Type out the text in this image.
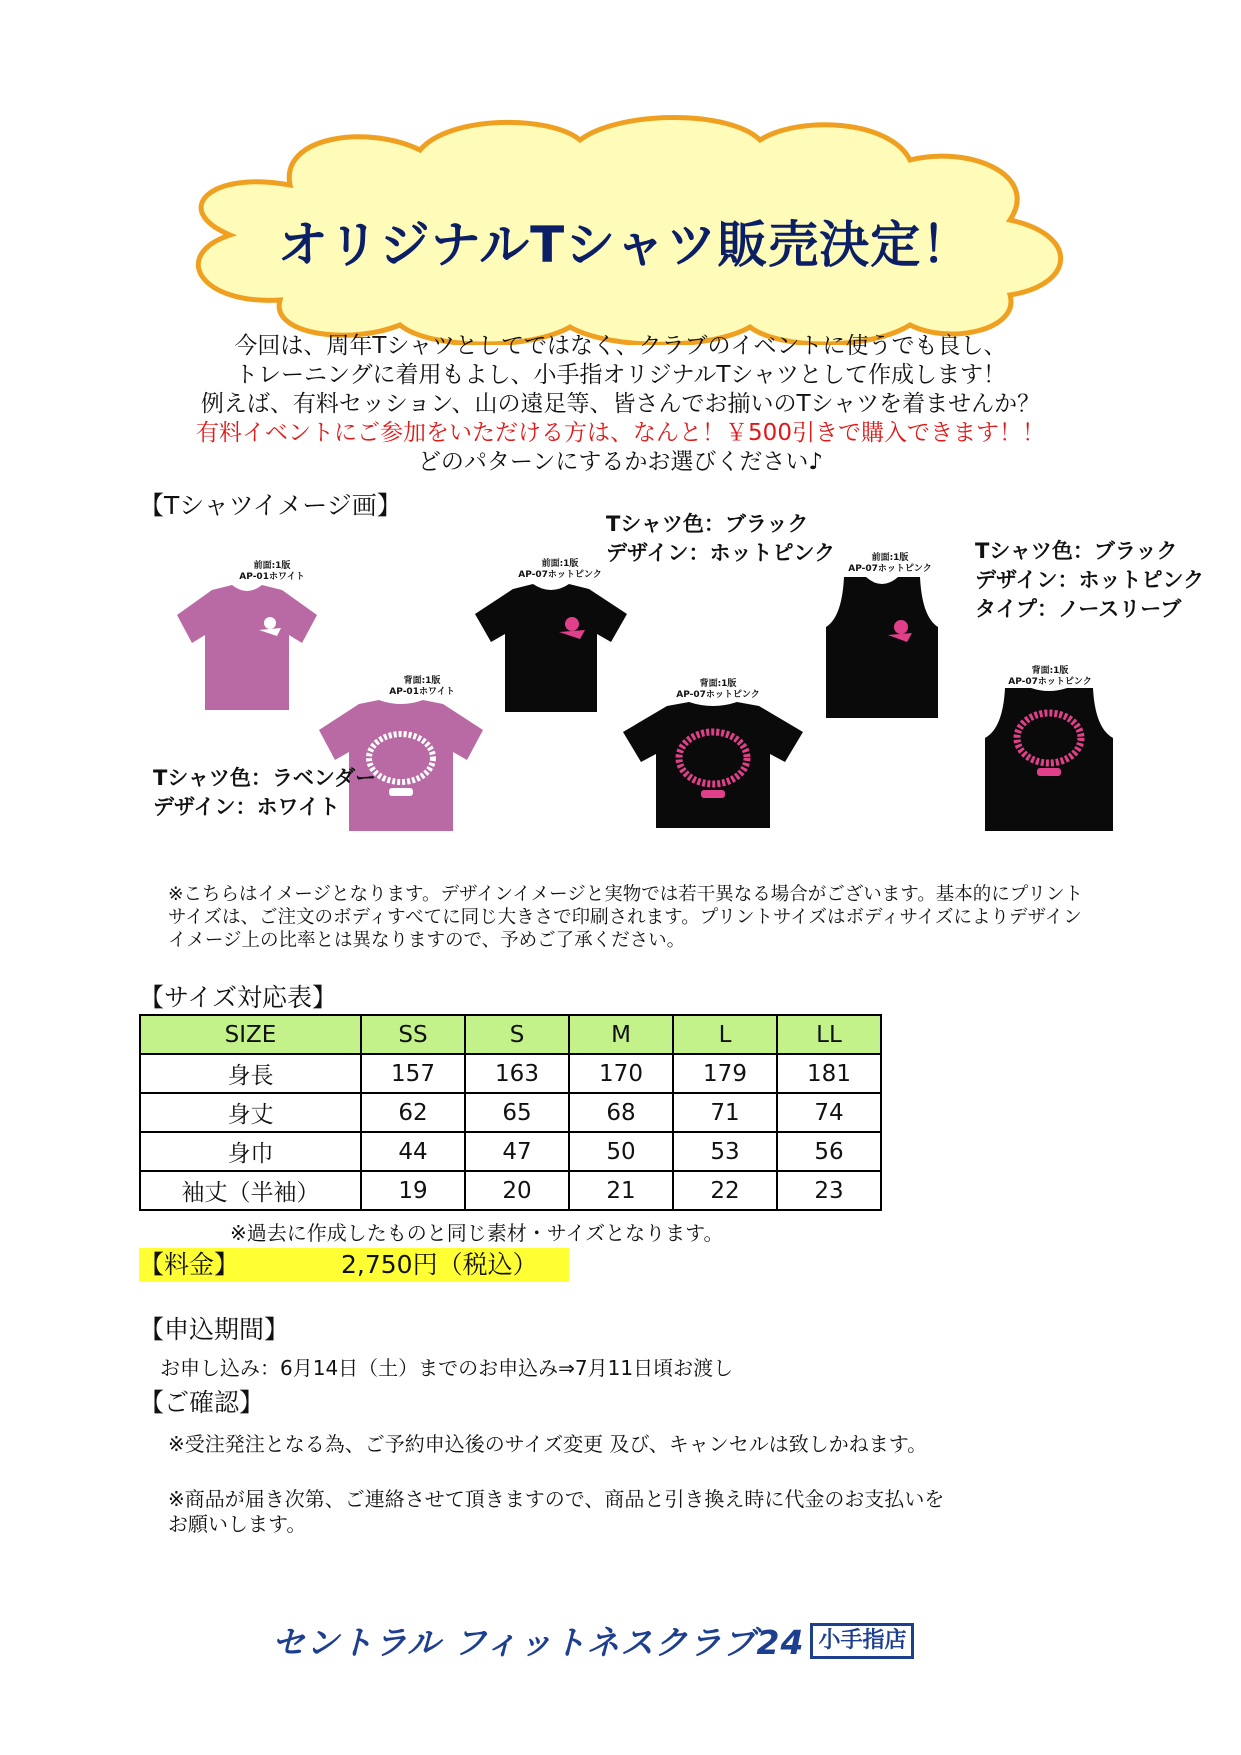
オリジナルTシャツ販売決定！
今回は、周年Tシャツとしてではなく、クラブのイベントに使うでも良し、
トレーニングに着用もよし、小手指オリジナルTシャツとして作成します！
例えば、有料セッション、山の遠足等、皆さんでお揃いのTシャツを着ませんか？
有料イベントにご参加をいただける方は、なんと！￥500引きで購入できます！！
どのパターンにするかお選びください♪
【Tシャツイメージ画】
前面:1版
AP-01ホワイト
背面:1版
AP-01ホワイト
Tシャツ色：ラベンダー
デザイン：ホワイト
Tシャツ色：ブラック
デザイン：ホットピンク
前面:1版
AP-07ホットピンク
背面:1版
AP-07ホットピンク
Tシャツ色：ブラック
デザイン：ホットピンク
タイプ：ノースリーブ
前面:1版
AP-07ホットピンク
背面:1版
AP-07ホットピンク
※こちらはイメージとなります。デザインイメージと実物では若干異なる場合がございます。基本的にプリントサイズは、ご注文のボディすべてに同じ大きさで印刷されます。プリントサイズはボディサイズによりデザインイメージ上の比率とは異なりますので、予めご了承ください。
【サイズ対応表】
SIZE	SS	S	M	L	LL
身長	157	163	170	179	181
身丈	62	65	68	71	74
身巾	44	47	50	53	56
袖丈（半袖）	19	20	21	22	23
※過去に作成したものと同じ素材・サイズとなります。
【料金】	2,750円（税込）
【申込期間】
お申し込み：6月14日（土）までのお申込み⇒7月11日頃お渡し
【ご確認】
※受注発注となる為、ご予約申込後のサイズ変更 及び、キャンセルは致しかねます。
※商品が届き次第、ご連絡させて頂きますので、商品と引き換え時に代金のお支払いを
お願いします。
セントラル フィットネスクラブ24 小手指店
